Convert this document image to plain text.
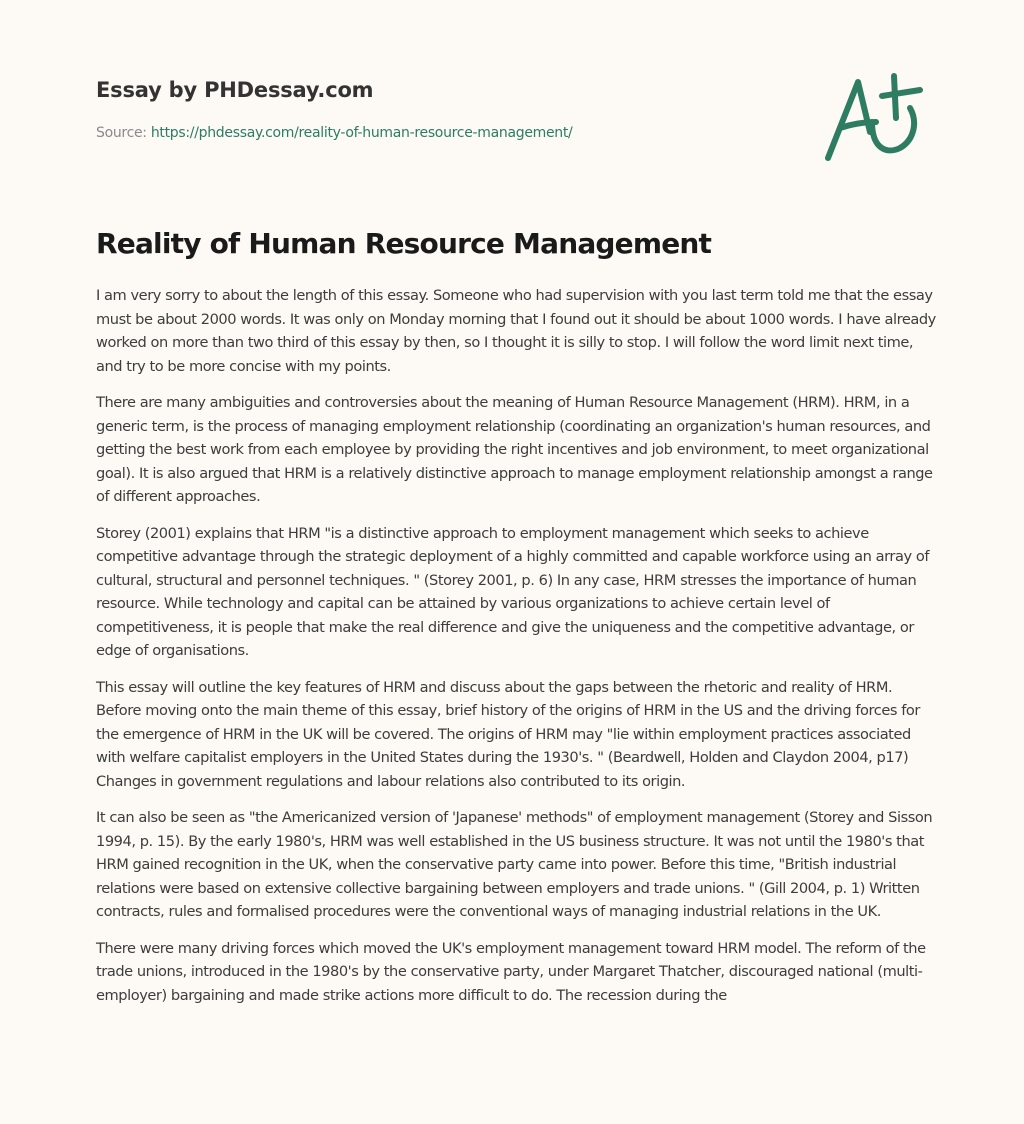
Essay by PHDessay.com
Source: https://phdessay.com/reality-of-human-resource-management/
Reality of Human Resource Management

I am very sorry to about the length of this essay. Someone who had supervision with you last term told me that the essay must be about 2000 words. It was only on Monday morning that I found out it should be about 1000 words. I have already worked on more than two third of this essay by then, so I thought it is silly to stop. I will follow the word limit next time, and try to be more concise with my points.

There are many ambiguities and controversies about the meaning of Human Resource Management (HRM). HRM, in a generic term, is the process of managing employment relationship (coordinating an organization's human resources, and getting the best work from each employee by providing the right incentives and job environment, to meet organizational goal). It is also argued that HRM is a relatively distinctive approach to manage employment relationship amongst a range of different approaches.

Storey (2001) explains that HRM "is a distinctive approach to employment management which seeks to achieve competitive advantage through the strategic deployment of a highly committed and capable workforce using an array of cultural, structural and personnel techniques. " (Storey 2001, p. 6) In any case, HRM stresses the importance of human resource. While technology and capital can be attained by various organizations to achieve certain level of competitiveness, it is people that make the real difference and give the uniqueness and the competitive advantage, or edge of organisations.

This essay will outline the key features of HRM and discuss about the gaps between the rhetoric and reality of HRM. Before moving onto the main theme of this essay, brief history of the origins of HRM in the US and the driving forces for the emergence of HRM in the UK will be covered. The origins of HRM may "lie within employment practices associated with welfare capitalist employers in the United States during the 1930's. " (Beardwell, Holden and Claydon 2004, p17) Changes in government regulations and labour relations also contributed to its origin.

It can also be seen as "the Americanized version of 'Japanese' methods" of employment management (Storey and Sisson 1994, p. 15). By the early 1980's, HRM was well established in the US business structure. It was not until the 1980's that HRM gained recognition in the UK, when the conservative party came into power. Before this time, "British industrial relations were based on extensive collective bargaining between employers and trade unions. " (Gill 2004, p. 1) Written contracts, rules and formalised procedures were the conventional ways of managing industrial relations in the UK.

There were many driving forces which moved the UK's employment management toward HRM model. The reform of the trade unions, introduced in the 1980's by the conservative party, under Margaret Thatcher, discouraged national (multi-employer) bargaining and made strike actions more difficult to do. The recession during the
